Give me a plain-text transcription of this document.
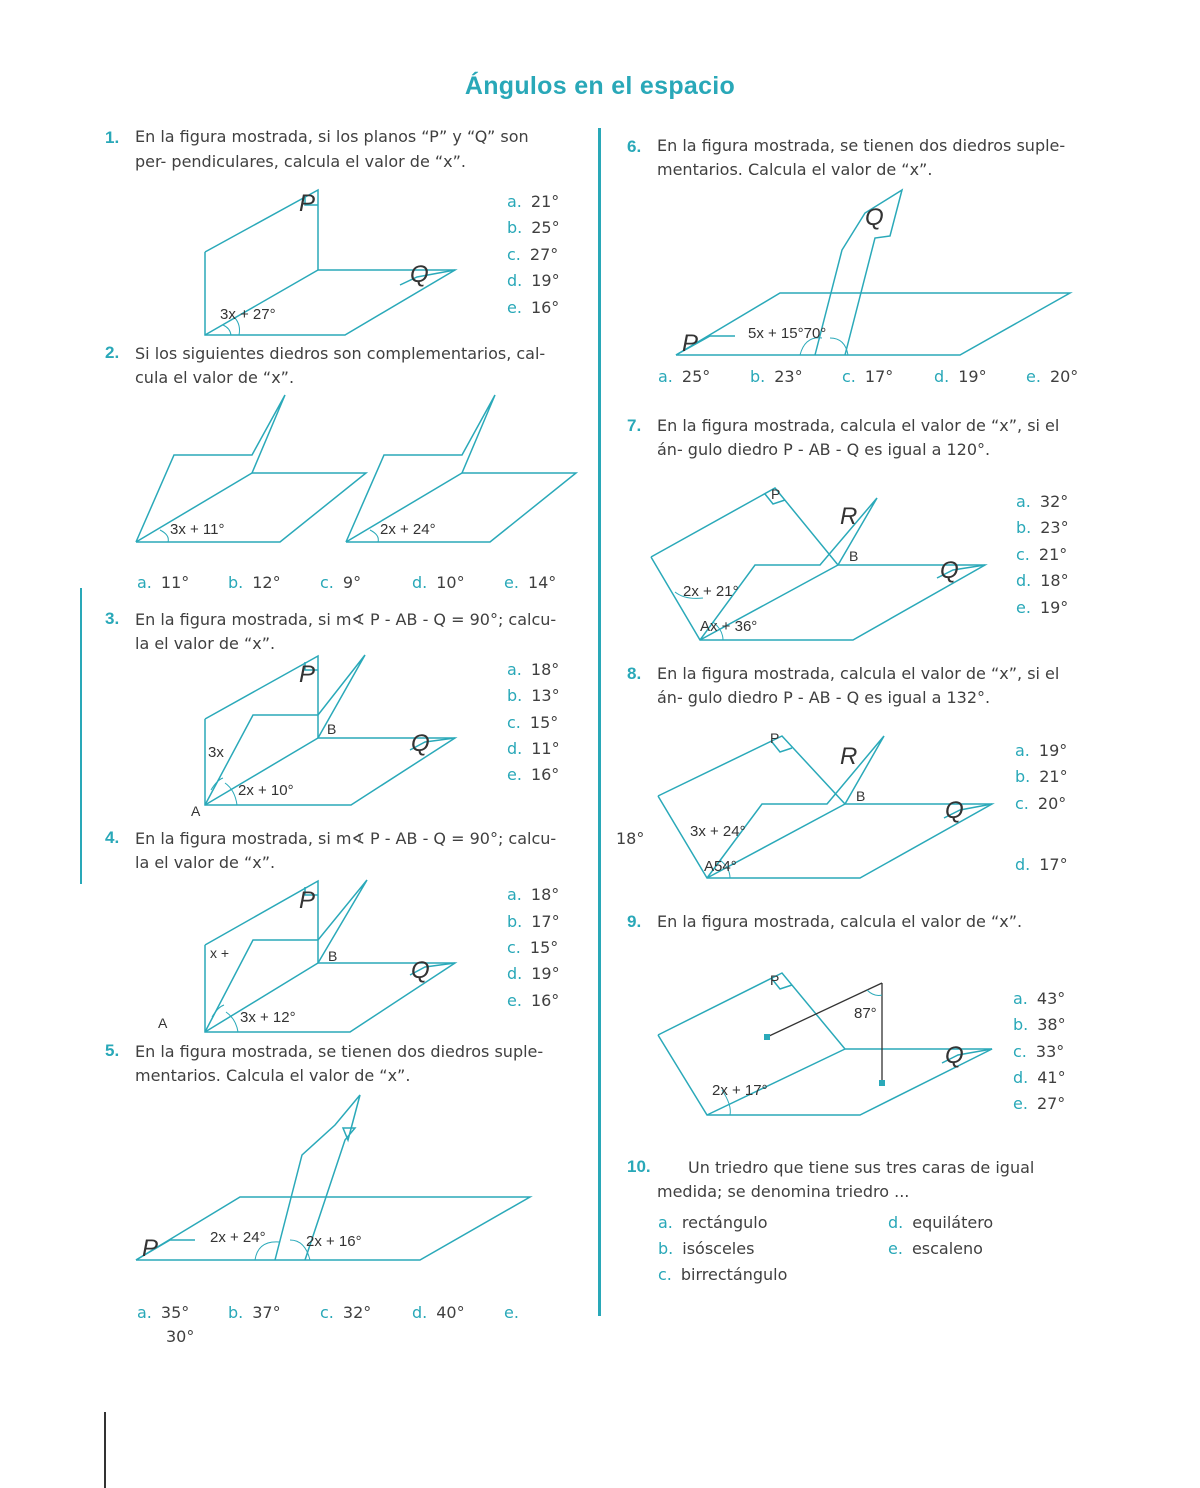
Ángulos en el espacio
1. En la figura mostrada, si los planos “P” y “Q” son
per- pendiculares, calcula el valor de “x”.
P
Q
3x + 27°
a. 21°
b. 25°
c. 27°
d. 19°
e. 16°
2. Si los siguientes diedros son complementarios, cal-
cula el valor de “x”.
3x + 11°	2x + 24°
a. 11° b. 12° c. 9°	d. 10° e. 14°
3. En la figura mostrada, si m∢ P - AB - Q = 90°; calcu-
la el valor de “x”.
P
Q
B
A
3x
2x + 10°
a. 18°
b. 13°
c. 15°
d. 11°
e. 16°
4. En la figura mostrada, si m∢ P - AB - Q = 90°; calcu-
la el valor de “x”.
P
Q
B
A
x +
3x + 12°
a. 18°
b. 17°
c. 15°
d. 19°
e. 16°
5. En la figura mostrada, se tienen dos diedros suple-
mentarios. Calcula el valor de “x”.
P	2x + 24°	2x + 16°
a. 35° b. 37° c. 32°	d. 40° e.
30°
6. En la figura mostrada, se tienen dos diedros suple-
mentarios. Calcula el valor de “x”.
P
Q
5x + 15°70°
a. 25° b. 23° c. 17°	d. 19° e. 20°
7. En la figura mostrada, calcula el valor de “x”, si el
án- gulo diedro P - AB - Q es igual a 120°.
P
R
B
Q
2x + 21°
Ax + 36°
a. 32°
b. 23°
c. 21°
d. 18°
e. 19°
8. En la figura mostrada, calcula el valor de “x”, si el
án- gulo diedro P - AB - Q es igual a 132°.
P
R
B
Q
3x + 24°
A54°
18°
a. 19°
b. 21°
c. 20°
d. 17°
9. En la figura mostrada, calcula el valor de “x”.
P
Q
87°
2x + 17°
a. 43°
b. 38°
c. 33°
d. 41°
e. 27°
10. Un triedro que tiene sus tres caras de igual
medida; se denomina triedro ...
a. rectángulo
b. isósceles
c. birrectángulo
d. equilátero
e. escaleno
